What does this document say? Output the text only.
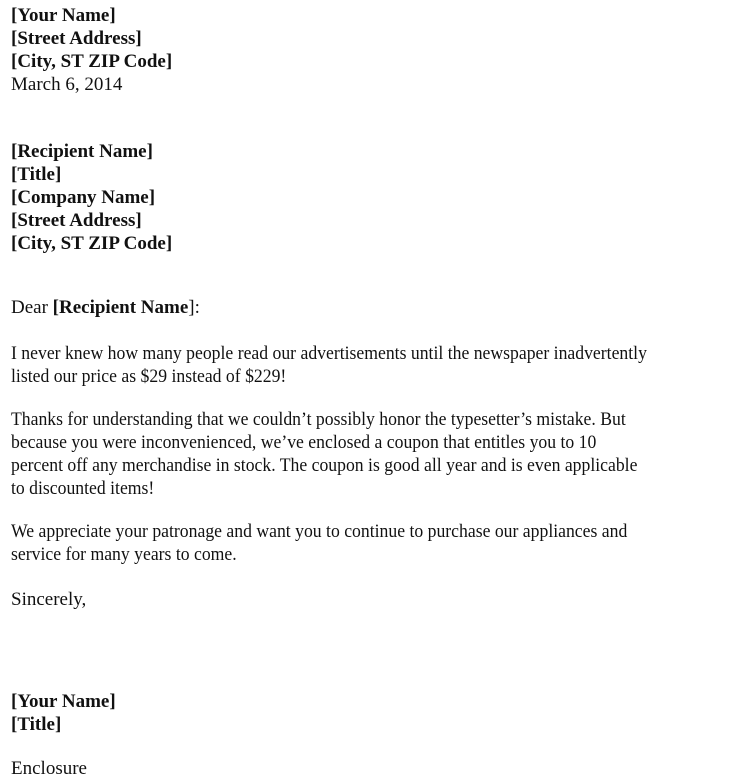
[Your Name]
[Street Address]
[City, ST ZIP Code]
March 6, 2014
[Recipient Name]
[Title]
[Company Name]
[Street Address]
[City, ST ZIP Code]
Dear [Recipient Name]:
I never knew how many people read our advertisements until the newspaper inadvertently
listed our price as $29 instead of $229!
Thanks for understanding that we couldn’t possibly honor the typesetter’s mistake. But
because you were inconvenienced, we’ve enclosed a coupon that entitles you to 10
percent off any merchandise in stock. The coupon is good all year and is even applicable
to discounted items!
We appreciate your patronage and want you to continue to purchase our appliances and
service for many years to come.
Sincerely,
[Your Name]
[Title]
Enclosure
